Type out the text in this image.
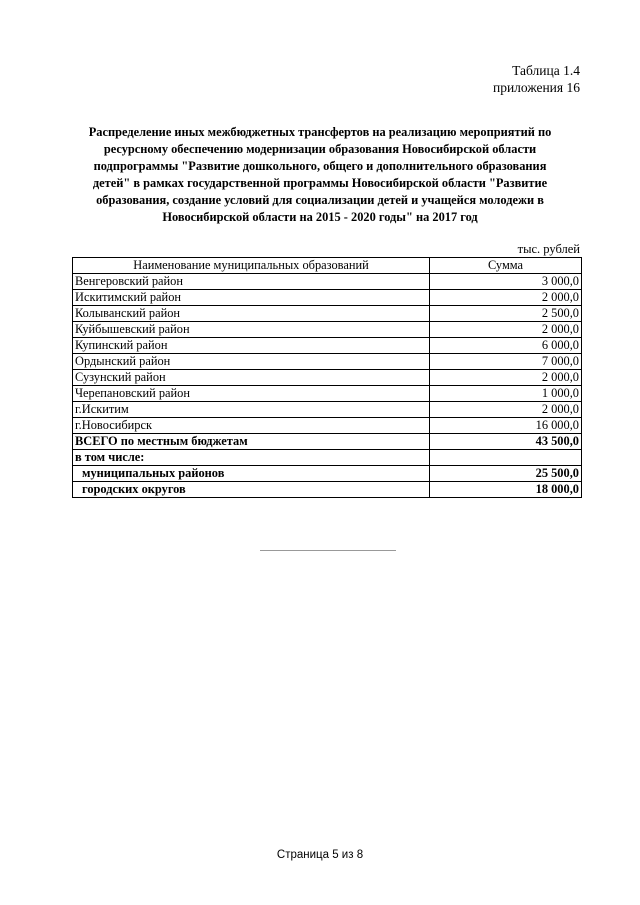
Таблица 1.4
приложения 16
Распределение иных межбюджетных трансфертов на реализацию мероприятий по
ресурсному обеспечению модернизации образования Новосибирской области
подпрограммы "Развитие дошкольного, общего и дополнительного образования
детей" в рамках государственной программы Новосибирской области "Развитие
образования, создание условий для социализации детей и учащейся молодежи в
Новосибирской области на 2015 - 2020 годы" на 2017 год
тыс. рублей
Наименование муниципальных образований	Сумма
Венгеровский район	3 000,0
Искитимский район	2 000,0
Колыванский район	2 500,0
Куйбышевский район	2 000,0
Купинский район	6 000,0
Ордынский район	7 000,0
Сузунский район	2 000,0
Черепановский район	1 000,0
г.Искитим	2 000,0
г.Новосибирск	16 000,0
ВСЕГО по местным бюджетам	43 500,0
в том числе:	
муниципальных районов	25 500,0
городских округов	18 000,0
Страница 5 из 8
